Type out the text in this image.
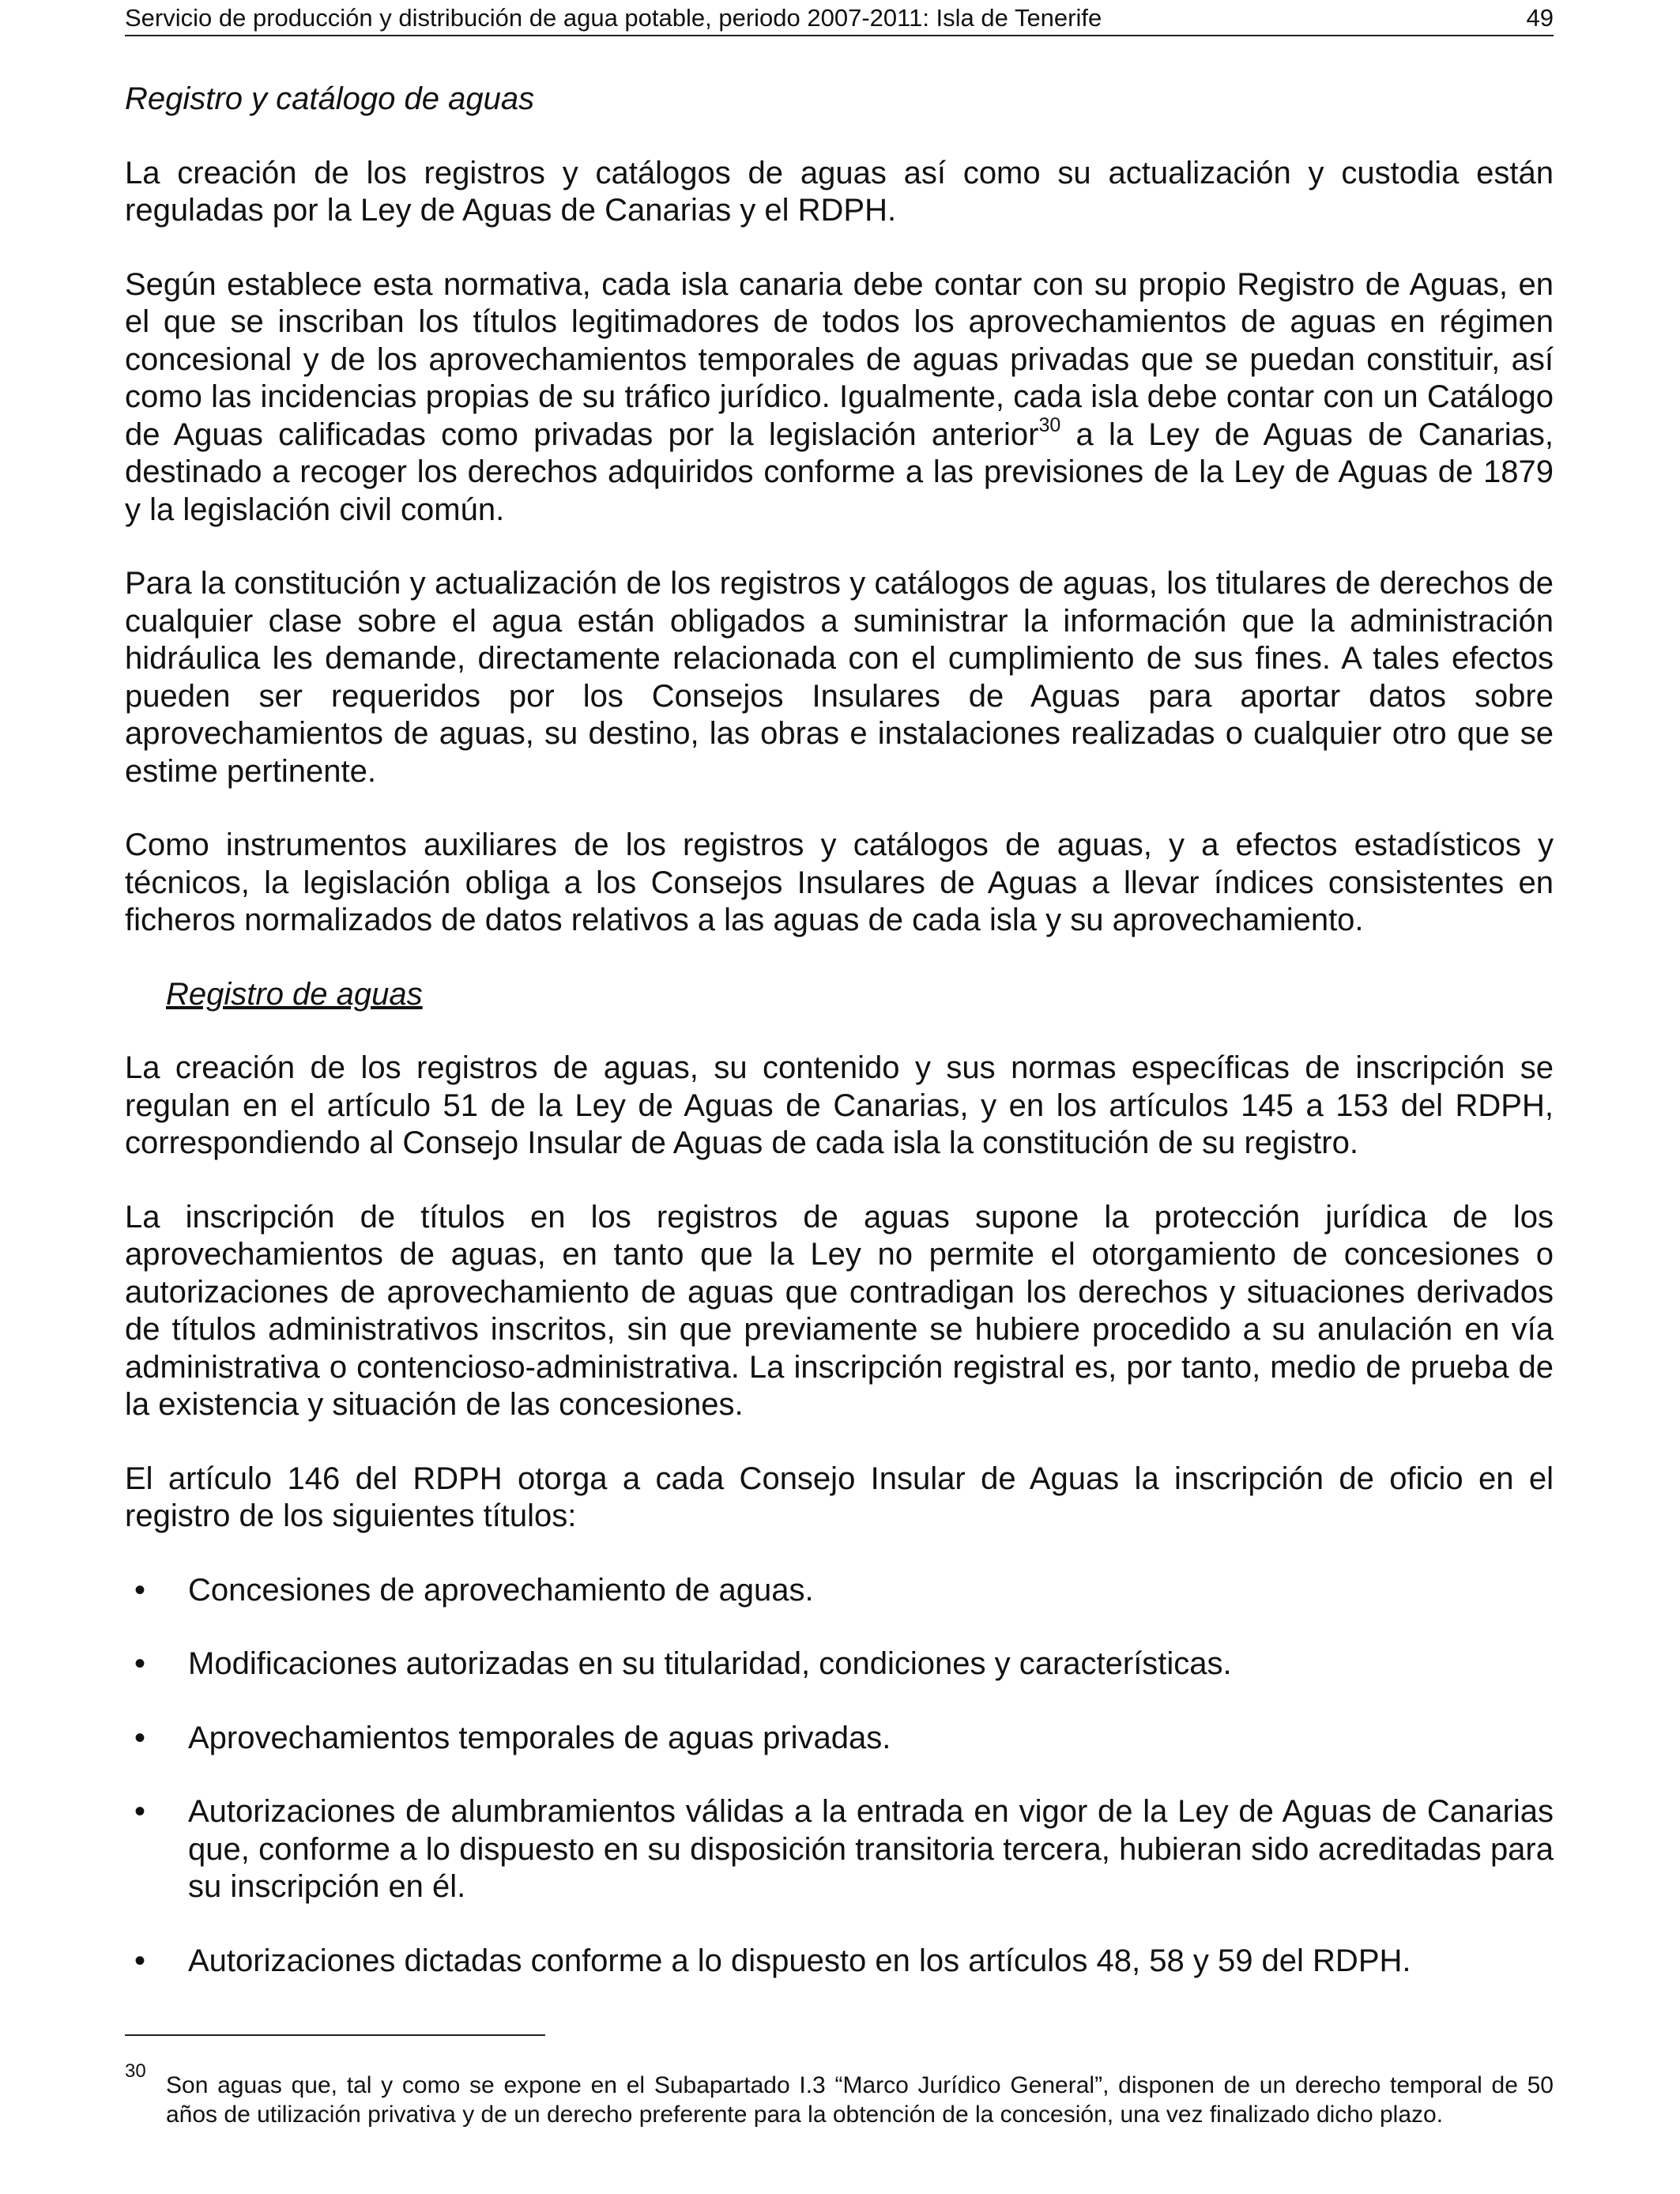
Servicio de producción y distribución de agua potable, periodo 2007-2011: Isla de Tenerife	49
Registro y catálogo de aguas

La creación de los registros y catálogos de aguas así como su actualización y custodia están reguladas por la Ley de Aguas de Canarias y el RDPH.

Según establece esta normativa, cada isla canaria debe contar con su propio Registro de Aguas, en el que se inscriban los títulos legitimadores de todos los aprovechamientos de aguas en régimen concesional y de los aprovechamientos temporales de aguas privadas que se puedan constituir, así como las incidencias propias de su tráfico jurídico. Igualmente, cada isla debe contar con un Catálogo de Aguas calificadas como privadas por la legislación anterior$^{30}$ a la Ley de Aguas de Canarias, destinado a recoger los derechos adquiridos conforme a las previsiones de la Ley de Aguas de 1879 y la legislación civil común.

Para la constitución y actualización de los registros y catálogos de aguas, los titulares de derechos de cualquier clase sobre el agua están obligados a suministrar la información que la administración hidráulica les demande, directamente relacionada con el cumplimiento de sus fines. A tales efectos pueden ser requeridos por los Consejos Insulares de Aguas para aportar datos sobre aprovechamientos de aguas, su destino, las obras e instalaciones realizadas o cualquier otro que se estime pertinente.

Como instrumentos auxiliares de los registros y catálogos de aguas, y a efectos estadísticos y técnicos, la legislación obliga a los Consejos Insulares de Aguas a llevar índices consistentes en ficheros normalizados de datos relativos a las aguas de cada isla y su aprovechamiento.

Registro de aguas

La creación de los registros de aguas, su contenido y sus normas específicas de inscripción se regulan en el artículo 51 de la Ley de Aguas de Canarias, y en los artículos 145 a 153 del RDPH, correspondiendo al Consejo Insular de Aguas de cada isla la constitución de su registro.

La inscripción de títulos en los registros de aguas supone la protección jurídica de los aprovechamientos de aguas, en tanto que la Ley no permite el otorgamiento de concesiones o autorizaciones de aprovechamiento de aguas que contradigan los derechos y situaciones derivados de títulos administrativos inscritos, sin que previamente se hubiere procedido a su anulación en vía administrativa o contencioso-administrativa. La inscripción registral es, por tanto, medio de prueba de la existencia y situación de las concesiones.

El artículo 146 del RDPH otorga a cada Consejo Insular de Aguas la inscripción de oficio en el registro de los siguientes títulos:

•	Concesiones de aprovechamiento de aguas.
•	Modificaciones autorizadas en su titularidad, condiciones y características.
•	Aprovechamientos temporales de aguas privadas.
•	Autorizaciones de alumbramientos válidas a la entrada en vigor de la Ley de Aguas de Canarias que, conforme a lo dispuesto en su disposición transitoria tercera, hubieran sido acreditadas para su inscripción en él.
•	Autorizaciones dictadas conforme a lo dispuesto en los artículos 48, 58 y 59 del RDPH.
30
Son aguas que, tal y como se expone en el Subapartado I.3 “Marco Jurídico General”, disponen de un derecho temporal de 50 años de utilización privativa y de un derecho preferente para la obtención de la concesión, una vez finalizado dicho plazo.
